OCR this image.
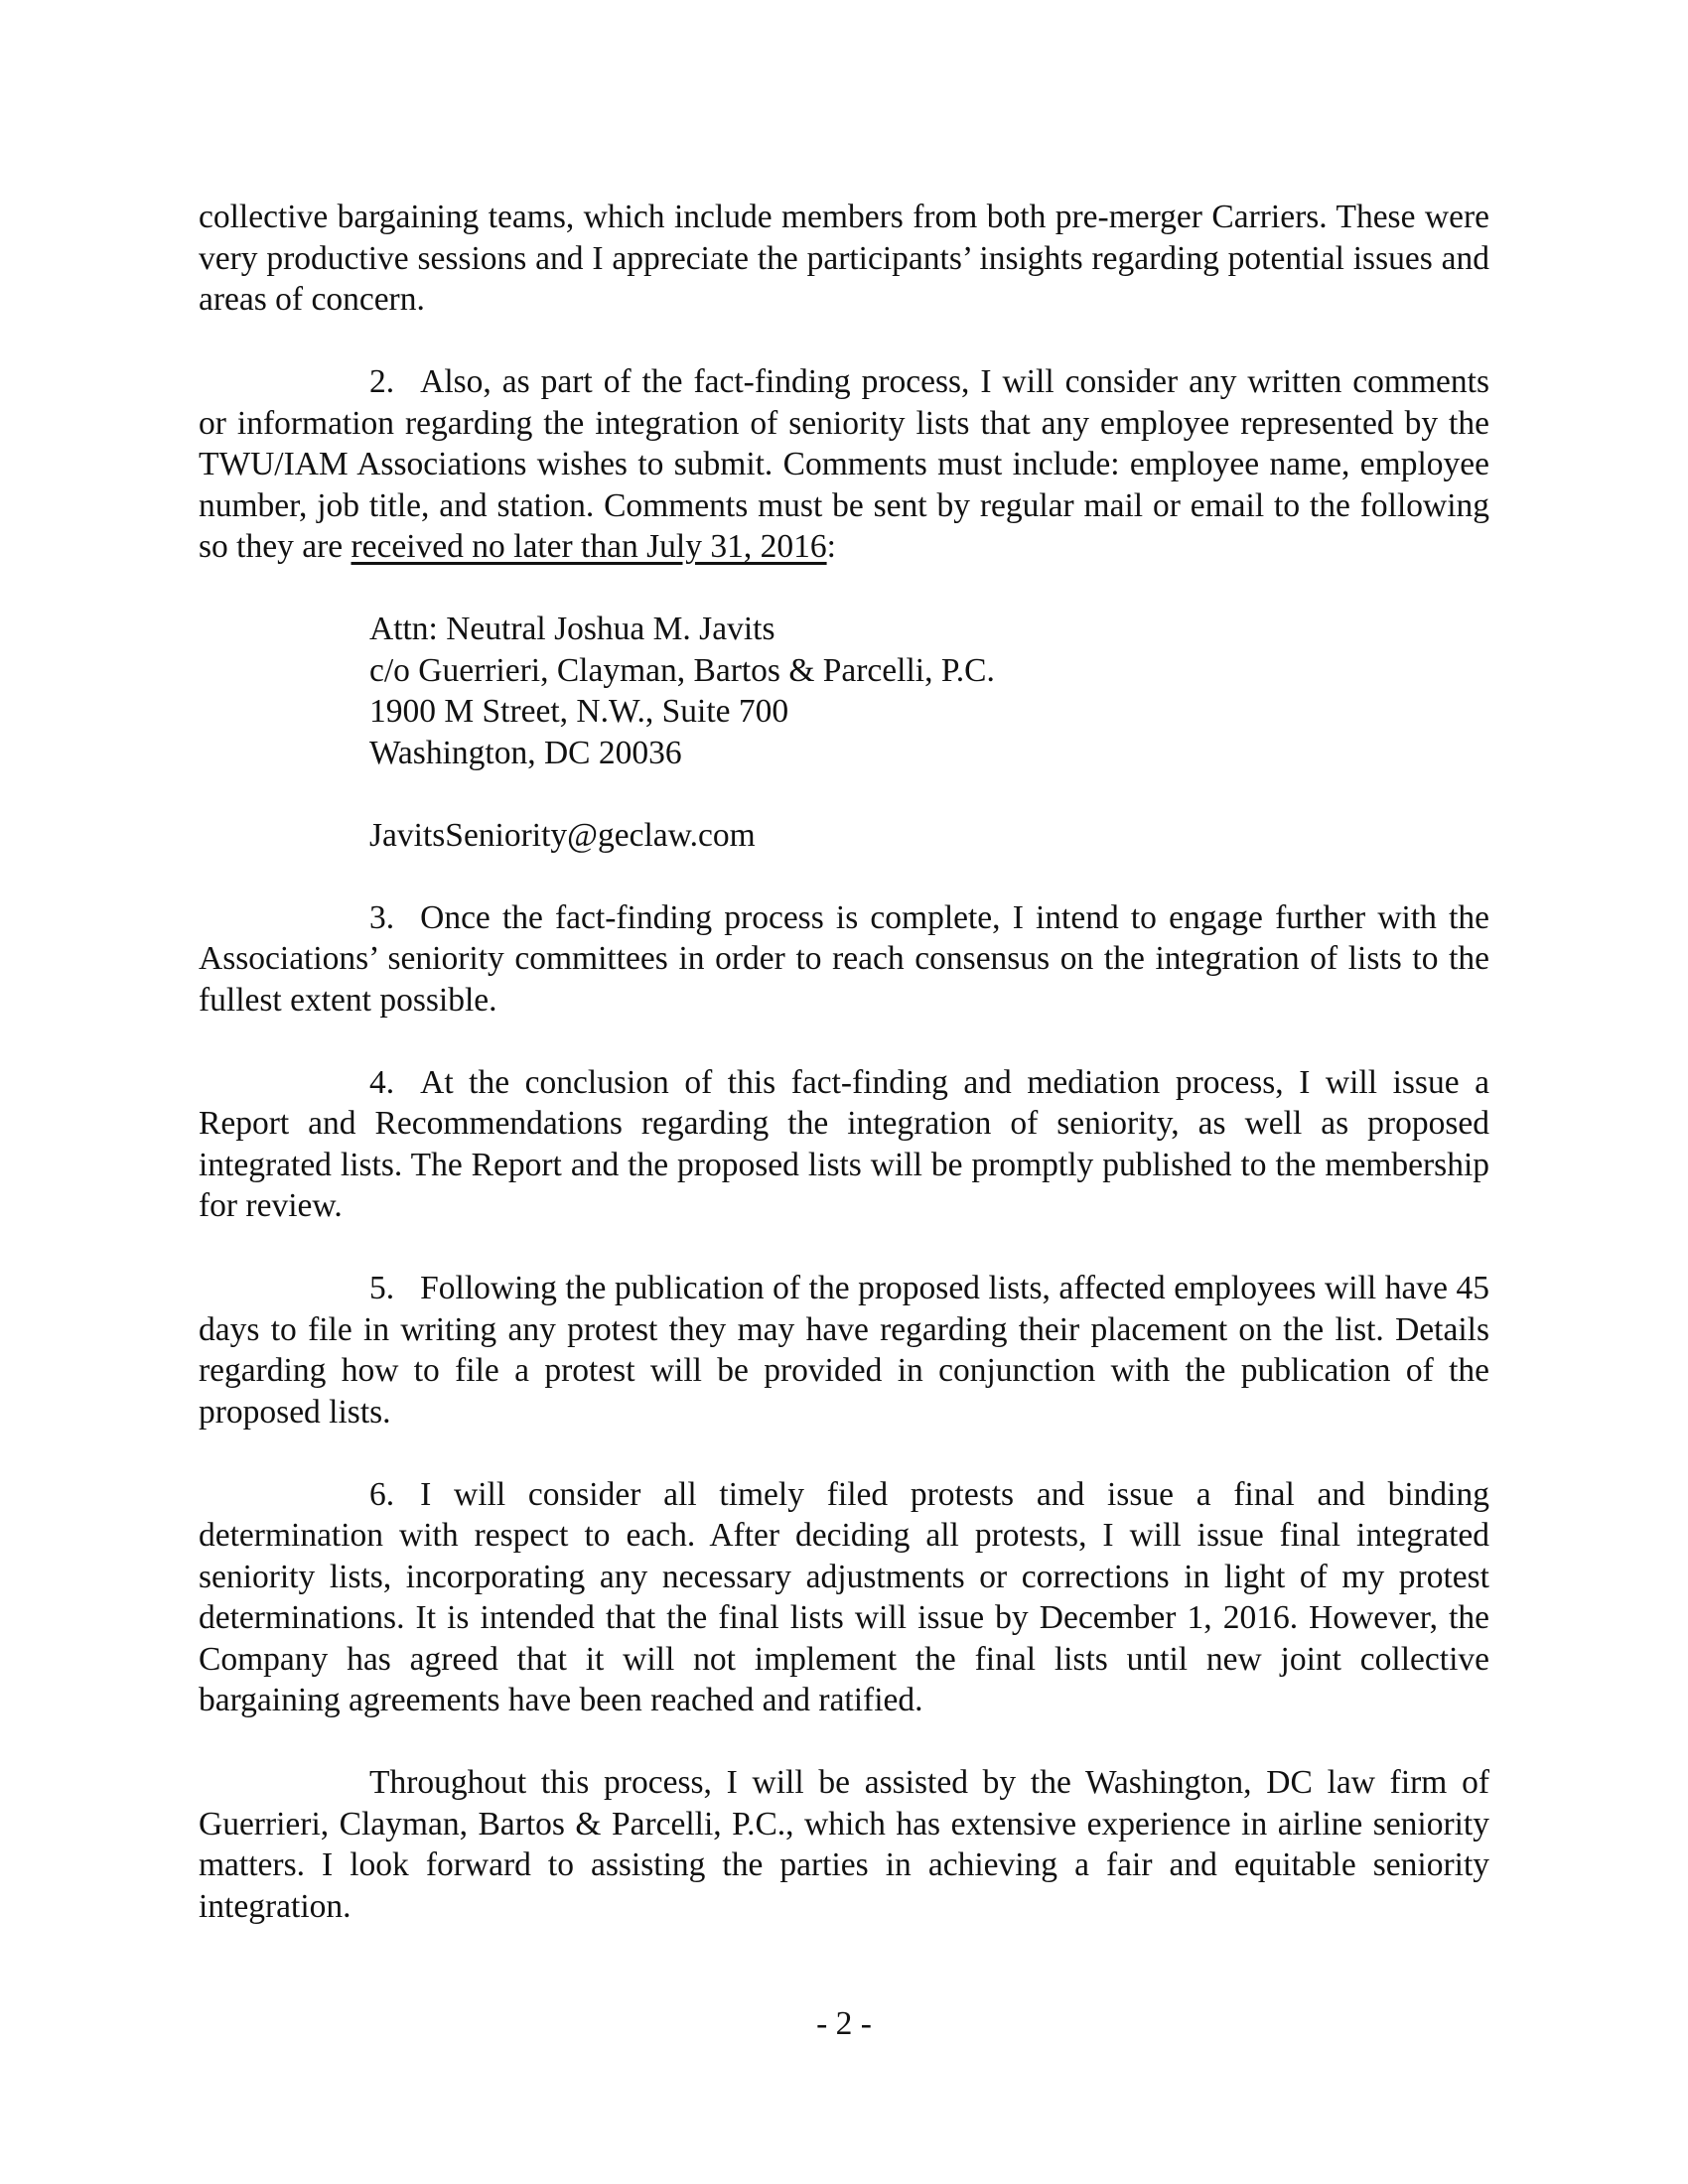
collective bargaining teams, which include members from both pre-merger Carriers. These were very productive sessions and I appreciate the participants’ insights regarding potential issues and areas of concern.

2. Also, as part of the fact-finding process, I will consider any written comments or information regarding the integration of seniority lists that any employee represented by the TWU/IAM Associations wishes to submit. Comments must include: employee name, employee number, job title, and station. Comments must be sent by regular mail or email to the following so they are received no later than July 31, 2016:

Attn: Neutral Joshua M. Javits
c/o Guerrieri, Clayman, Bartos & Parcelli, P.C.
1900 M Street, N.W., Suite 700
Washington, DC 20036
JavitsSeniority@geclaw.com

3. Once the fact-finding process is complete, I intend to engage further with the Associations’ seniority committees in order to reach consensus on the integration of lists to the fullest extent possible.

4. At the conclusion of this fact-finding and mediation process, I will issue a Report and Recommendations regarding the integration of seniority, as well as proposed integrated lists. The Report and the proposed lists will be promptly published to the membership for review.

5. Following the publication of the proposed lists, affected employees will have 45 days to file in writing any protest they may have regarding their placement on the list. Details regarding how to file a protest will be provided in conjunction with the publication of the proposed lists.

6. I will consider all timely filed protests and issue a final and binding determination with respect to each. After deciding all protests, I will issue final integrated seniority lists, incorporating any necessary adjustments or corrections in light of my protest determinations. It is intended that the final lists will issue by December 1, 2016. However, the Company has agreed that it will not implement the final lists until new joint collective bargaining agreements have been reached and ratified.

Throughout this process, I will be assisted by the Washington, DC law firm of Guerrieri, Clayman, Bartos & Parcelli, P.C., which has extensive experience in airline seniority matters. I look forward to assisting the parties in achieving a fair and equitable seniority integration.

- 2 -
